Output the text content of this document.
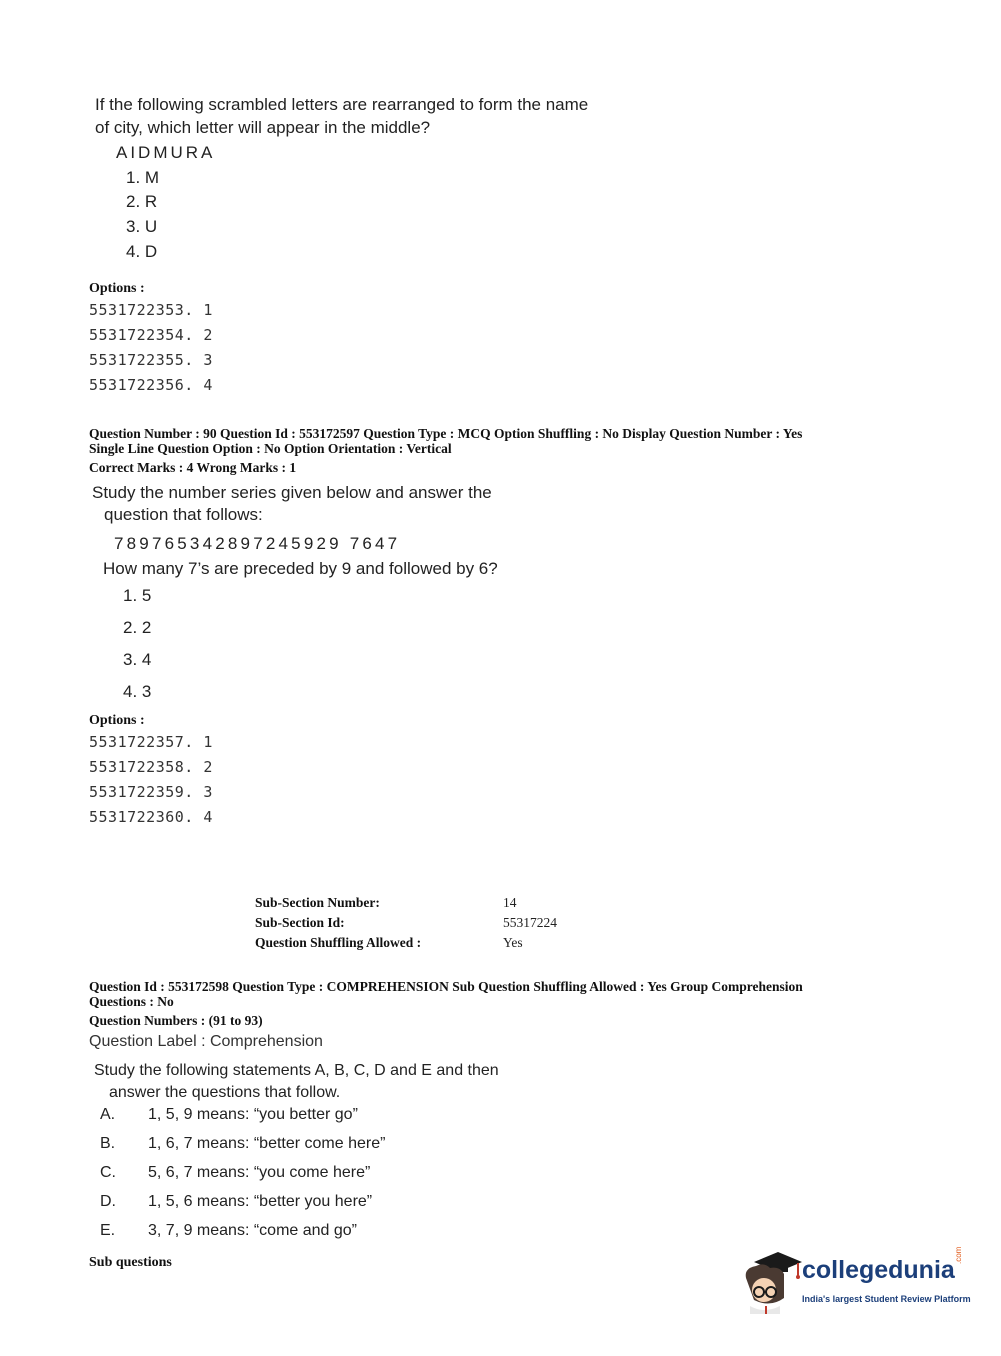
If the following scrambled letters are rearranged to form the name
of city, which letter will appear in the middle?
AIDMURA
1. M
2. R
3. U
4. D
Options :
5531722353. 1
5531722354. 2
5531722355. 3
5531722356. 4
Question Number : 90 Question Id : 553172597 Question Type : MCQ Option Shuffling : No Display Question Number : Yes
Single Line Question Option : No Option Orientation : Vertical
Correct Marks : 4 Wrong Marks : 1
Study the number series given below and answer the
question that follows:
789765342897245929 7647
How many 7’s are preceded by 9 and followed by 6?
1. 5
2. 2
3. 4
4. 3
Options :
5531722357. 1
5531722358. 2
5531722359. 3
5531722360. 4
Sub-Section Number:	14
Sub-Section Id:	55317224
Question Shuffling Allowed :	Yes
Question Id : 553172598 Question Type : COMPREHENSION Sub Question Shuffling Allowed : Yes Group Comprehension
Questions : No
Question Numbers : (91 to 93)
Question Label : Comprehension
Study the following statements A, B, C, D and E and then
answer the questions that follow.
A. 1, 5, 9 means: “you better go”
B. 1, 6, 7 means: “better come here”
C. 5, 6, 7 means: “you come here”
D. 1, 5, 6 means: “better you here”
E. 3, 7, 9 means: “come and go”
Sub questions	collegedunia
.com
India's largest Student Review Platform
